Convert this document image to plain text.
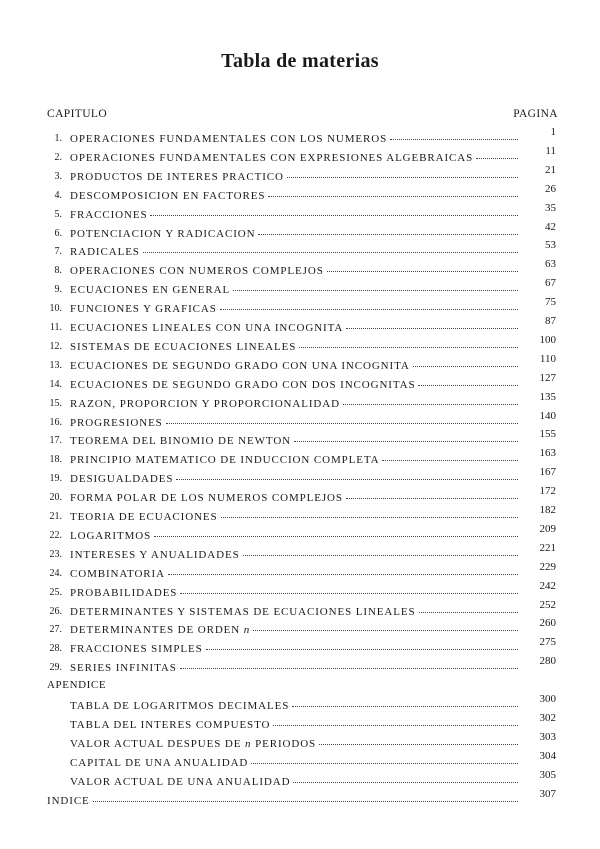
Tabla de materias
CAPITULO	PAGINA
1. OPERACIONES FUNDAMENTALES CON LOS NUMEROS
1
2. OPERACIONES FUNDAMENTALES CON EXPRESIONES ALGEBRAICAS
11
3. PRODUCTOS DE INTERES PRACTICO
21
4. DESCOMPOSICION EN FACTORES
26
5. FRACCIONES
35
6. POTENCIACION Y RADICACION
42
7. RADICALES
53
8. OPERACIONES CON NUMEROS COMPLEJOS
63
9. ECUACIONES EN GENERAL
67
10. FUNCIONES Y GRAFICAS
75
11. ECUACIONES LINEALES CON UNA INCOGNITA
87
12. SISTEMAS DE ECUACIONES LINEALES
100
13. ECUACIONES DE SEGUNDO GRADO CON UNA INCOGNITA
110
14. ECUACIONES DE SEGUNDO GRADO CON DOS INCOGNITAS
127
15. RAZON, PROPORCION Y PROPORCIONALIDAD
135
16. PROGRESIONES
140
17. TEOREMA DEL BINOMIO DE NEWTON
155
18. PRINCIPIO MATEMATICO DE INDUCCION COMPLETA
163
19. DESIGUALDADES
167
20. FORMA POLAR DE LOS NUMEROS COMPLEJOS
172
21. TEORIA DE ECUACIONES
182
22. LOGARITMOS
209
23. INTERESES Y ANUALIDADES
221
24. COMBINATORIA
229
25. PROBABILIDADES
242
26. DETERMINANTES Y SISTEMAS DE ECUACIONES LINEALES
252
27. DETERMINANTES DE ORDEN n
260
28. FRACCIONES SIMPLES
275
29. SERIES INFINITAS
280
APENDICE
TABLA DE LOGARITMOS DECIMALES
300
TABLA DEL INTERES COMPUESTO
302
VALOR ACTUAL DESPUES DE n PERIODOS
303
CAPITAL DE UNA ANUALIDAD
304
VALOR ACTUAL DE UNA ANUALIDAD
305
INDICE
307
